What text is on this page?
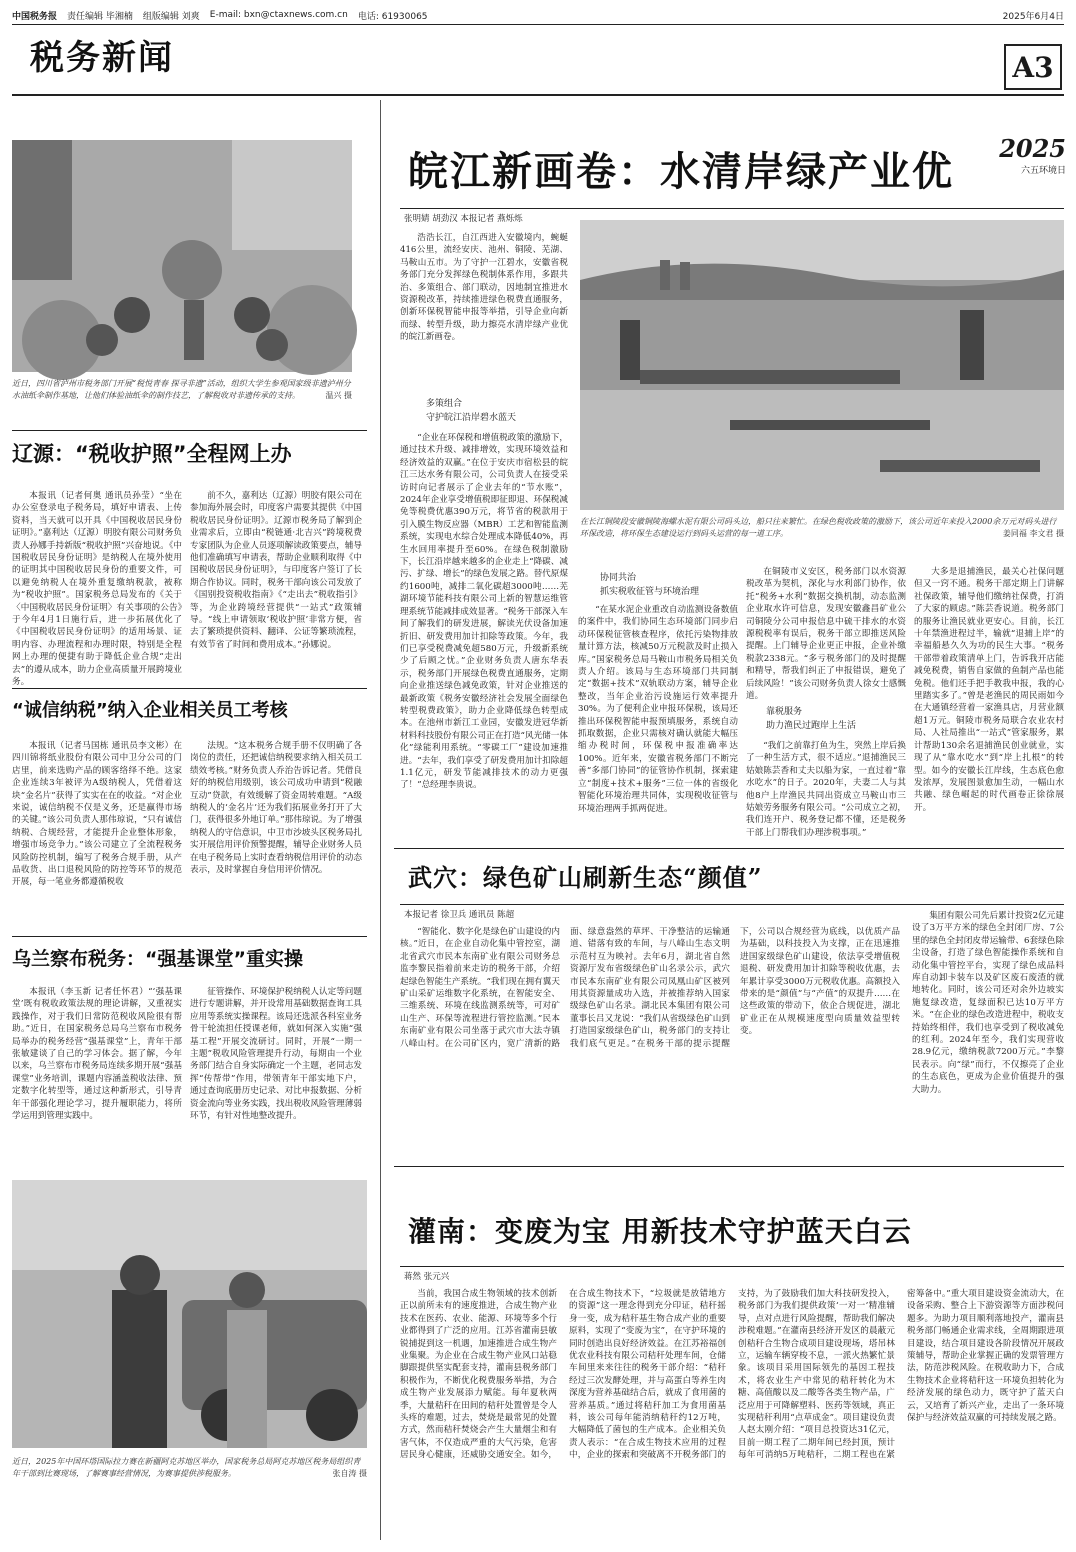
中国税务报 责任编辑 毕湘楠 组版编辑 刘爽 E-mail: bxn@ctaxnews.com.cn 电话: 61930065	2025年6月4日
税务新闻	A3
近日，四川省泸州市税务部门开展“税悦青春 探寻非遗”活动，组织大学生参观国家级非遗泸州分水油纸伞制作基地，让他们体验油纸伞的制作技艺，了解税收对非遗传承的支持。	温兴 摄
辽源：“税收护照”全程网上办
本报讯（记者何奥 通讯员孙莹）“坐在办公室登录电子税务局，填好申请表、上传资料，当天就可以开具《中国税收居民身份证明》。”嘉利达（辽源）明胶有限公司财务负责人孙娜手持新版“税收护照”兴奋地说。《中国税收居民身份证明》是纳税人在境外使用的证明其中国税收居民身份的重要文件，可以避免纳税人在境外重复缴纳税款，被称为“税收护照”。国家税务总局发布的《关于〈中国税收居民身份证明〉有关事项的公告》于今年4月1日施行后，进一步拓展优化了《中国税收居民身份证明》的适用场景、证明内容、办理流程和办理时限，特别是全程网上办理的便捷有助于降低企业合规“走出去”的遵从成本，助力企业高质量开展跨境业务。
前不久，嘉利达（辽源）明胶有限公司在参加海外展会时，印度客户需要其提供《中国税收居民身份证明》。辽源市税务局了解到企业需求后，立即由“税链通·北吉兴”跨境税费专家团队为企业人员逐项解读政策要点，辅导他们准确填写申请表，帮助企业顺利取得《中国税收居民身份证明》，与印度客户签订了长期合作协议。同时，税务干部向该公司发放了《国别投资税收指南》《“走出去”税收指引》等，为企业跨境经营提供“一站式”政策辅导。“线上申请领取‘税收护照’非常方便，省去了繁琐提供资料、翻译、公证等繁琐流程，有效节省了时间和费用成本。”孙娜说。
“诚信纳税”纳入企业相关员工考核
本报讯（记者马国栋 通讯员李文彬）在四川锦将纸业股份有限公司中卫分公司的门店里，前来选购产品的顾客络绎不绝。这家企业连续3年被评为A级纳税人，凭借着这块“金名片”获得了实实在在的收益。“对企业来说，诚信纳税不仅是义务，还是赢得市场的关键。”该公司负责人那伟琼说，“只有诚信纳税、合规经营，才能提升企业整体形象，增强市场竞争力。”该公司建立了全流程税务风险防控机制，编写了税务合规手册，从产品收货、出口退税风险的防控等环节的规范开展，每一笔业务都遵循税收
法规。“这本税务合规手册不仅明确了各岗位的责任，还把诚信纳税要求纳入相关员工绩效考核。”财务负责人乔治告诉记者。凭借良好的纳税信用级别，该公司成功申请到“税融互动”贷款，有效缓解了资金周转难题。“A级纳税人的‘金名片’还为我们拓展业务打开了大门，获得很多外地订单。”那伟琼说。为了增强纳税人的守信意识，中卫市沙坡头区税务局扎实开展信用评价预警提醒，辅导企业财务人员在电子税务局上实时查看纳税信用评价的动态表示，及时掌握自身信用评价情况。
乌兰察布税务：“强基课堂”重实操
本报讯（李玉新 记者任怀君）“‘强基课堂’既有税收政策法规的理论讲解，又重视实践操作，对于我们日常防范税收风险很有帮助。”近日，在国家税务总局乌兰察布市税务局举办的税务经营“强基课堂”上，青年干部张敏建谈了自己的学习体会。据了解，今年以来，乌兰察布市税务局连续多期开展“强基课堂”业务培训，课题内容涵盖税收法律、预定数字化转型等，通过这种新形式，引导青年干部强化理论学习，提升履职能力，将所学运用到管理实践中。
征管操作、环境保护税纳税人认定等问题进行专题讲解，并开设常用基础数据查询工具应用等系统实操课程。该局还选派各科室业务骨干轮流担任授课老师，就如何深入实施“强基工程”开展交流研讨。同时，开展“一期一主题”税收风险管理提升行动，每期由一个业务部门结合自身实际确定一个主题，老同志发挥“传帮带”作用，带领青年干部实地下户，通过查询底册历史记录、对比申报数据、分析资金流向等业务实践，找出税收风险管理薄弱环节，有针对性地整改提升。
近日，2025年中国环塔国际拉力赛在新疆阿克苏地区举办，国家税务总局阿克苏地区税务局组织青年干部到比赛现场，了解赛事经营情况，为赛事提供涉税服务。	张自涛 摄
皖江新画卷：水清岸绿产业优	2025
六五环境日
张明婧 胡劲汉 本报记者 燕烁烁
浩浩长江，自江西进入安徽境内，蜿蜒416公里，流经安庆、池州、铜陵、芜湖、马鞍山五市。为了守护一江碧水，安徽省税务部门充分发挥绿色税制体系作用，多跟共治、多策组合、部门联动，因地制宜推进水资源税改革，持续推进绿色税费直通服务，创新环保税智能申报等举措，引导企业向新而绿、转型升级，助力擦亮水清岸绿产业优的皖江新画卷。
多策组合
守护皖江沿岸碧水蓝天
“企业在环保税和增值税政策的激励下，通过技术升级、减排增效，实现环境效益和经济效益的双赢。”在位于安庆市宿松县的皖江三达水务有限公司，公司负责人在接受采访时向记者展示了企业去年的“节水账”，2024年企业享受增值税即征即退、环保税减免等税费优惠390万元，将节省的税款用于引入膜生物反应器（MBR）工艺和智能监测系统，实现电水综合处理成本降低40%，再生水回用率提升至60%。在绿色税制激励下，长江沿岸越来越多的企业走上“降碳、减污、扩绿、增长”的绿色发展之路。替代原煤约1600吨，减排二氧化碳超3000吨……芜湖环境节能科技有限公司上新的智慧运维管理系统节能减排成效显著。“税务干部深入车间了解我们的研发进展，解读光伏设备加速折旧、研发费用加计扣除等政策。今年，我们已享受税费减免超580万元，升级新系统少了后顾之忧。”企业财务负责人唐东华表示，税务部门开展绿色税费直通服务，定期向企业推送绿色减免政策，针对企业推送的最新政策《税务安徽经济社会发展全面绿色转型税费政策》，助力企业降低绿色转型成本。在池州市新江工业园，安徽发进冠华新材料科技股份有限公司正在打造“风光储一体化”绿能利用系统。“零碳工厂”建设加速推进。“去年，我们享受了研发费用加计扣除超1.1亿元，研发节能减排技术的动力更强了！”总经理李贵说。
在长江铜陵段安徽铜陵海螺水泥有限公司码头边，船只往来繁忙。在绿色税收政策的激励下，该公司近年来投入2000余万元对码头进行环保改造，将环保生态建设运行到码头运营的每一道工序。	姜同福 李文君 摄
协同共治
抓实税收征管与环境治理
“在某水泥企业重改自动监测设备数值的案件中，我们协同生态环境部门同步启动环保税征管核查程序，依托污染物排放量计算方法，核减50万元税款及时止损入库。”国家税务总局马鞍山市税务局相关负责人介绍。该局与生态环境部门共同制定“数据+技术”双轨联动方案，辅导企业整改，当年企业治污设施运行效率提升30%。为了便利企业申报环保税，该局还推出环保税智能申报预填服务，系统自动抓取数据，企业只需核对确认就能大幅压缩办税时间，环保税申报准确率达100%。近年来，安徽省税务部门不断完善“多部门协同”的征管协作机制，探索建立“制度+技术+服务”三位一体的省级化智能化环境治理共同体，实现税收征管与环境治理两手抓两促进。
在铜陵市义安区，税务部门以水资源税改革为契机，深化与水利部门协作，依托“税务+水利”数据交换机制，动态监测企业取水许可信息，发现安徽鑫昌矿业公司铜陵分公司申报信息中硫干排水的水资源税税率有误后，税务干部立即推送风险提醒。上门辅导企业更正申报，企业补缴税款2338元。“多亏税务部门的及时提醒和精导，帮我们纠正了申报错误，避免了后续风险！”该公司财务负责人徐女士感慨道。
靠税服务
助力渔民过跑岸上生活
“我们之前靠打鱼为生，突然上岸后换了一种生活方式，很不适应。”退捕渔民三姑娘陈芸香和丈夫以船为家，一直过着“靠水吃水”的日子。2020年，夫妻二人与其他8户上岸渔民共同出资成立马鞍山市三姑娘劳务服务有限公司。“公司成立之初，我们连开户、税务登记都不懂，还是税务干部上门帮我们办理涉税事项。”
大多是退捕渔民，最关心社保问题但又一窍不通。税务干部定期上门讲解社保政策，辅导他们缴纳社保费，打消了大家的顾虑。”陈芸香说道。税务部门的服务让渔民就业更安心。目前，长江十年禁渔进程过半，输就“退捕上岸”的幸福船悬久久为功的民生大事。“税务干部带着政策清单上门，告诉我开店能减免税费，销售自家做的鱼制产品也能免税。他们还手把手教我申报，我的心里踏实多了。”曾是老渔民的周民雨如今在大通镇经营着一家渔具店，月营业额超1万元。铜陵市税务局联合农业农村局、人社局推出“一站式”管家服务，累计帮助130余名退捕渔民创业就业，实现了从“靠水吃水”到“岸上扎根”的转型。如今的安徽长江岸线，生态底色愈发浓厚，发展图景愈加生动，一幅山水共融、绿色崛起的时代画卷正徐徐展开。
武穴：绿色矿山刷新生态“颜值”
本报记者 徐卫兵 通讯员 陈超
“智能化、数字化是绿色矿山建设的内核。”近日，在企业自动化集中管控室，湖北省武穴市民本东南矿业有限公司财务总监李黎民指着前来走访的税务干部，介绍起绿色智能生产系统。“我们现在拥有翼天矿山采矿运维数字化系统，在智能安全、三维系统、环境在线监测系统等，可对矿山生产、环保等流程进行管控监测。”民本东南矿业有限公司坐落于武穴市大法寺镇八峰山村。在公司矿区内，宽广清新的路面、绿意盎然的草坪、干净整洁的运输通道、错落有致的车间，与八峰山生态文明示范村互为映衬。去年6月，湖北省自然资源厅发布省级绿色矿山名录公示，武穴市民本东南矿业有限公司凤凰山矿区被列用其资源量成功入选，并被推荐纳入国家级绿色矿山名录。湖北民本集团有限公司董事长吕又龙说：“我们从省级绿色矿山到打造国家级绿色矿山，税务部门的支持让我们底气更足。”在税务干部的提示提醒下，公司以合规经营为底线，以优质产品为基础，以科技投入为支撑，正在迅速推进国家级绿色矿山建设，依法享受增值税退税、研发费用加计扣除等税收优惠，去年累计享受3000万元税收优惠。高额投入带来的是“颜值”与“产值”的双提升……在这些政策的带动下，依企合规促进，湖北矿业正在从规模速度型向质量效益型转变。
集团有限公司先后累计投资2亿元建设了3万平方米的绿色全封闭厂房、7公里的绿色全封闭皮带运输带、6套绿色除尘设备，打造了绿色智能操作系统和自动化集中管控平台，实现了绿色成品料库自动卸卡装车以及矿区废石废渣的就地转化。同时，该公司还对余外边坡实施复绿改造，复绿面积已达10万平方米。“在企业的绿色改造进程中，税收支持始终相伴，我们也享受到了税收减免的红利。2024年至今，我们实现营收28.9亿元，缴纳税款7200万元。”李黎民表示。向“绿”而行，不仅擦亮了企业的生态底色，更成为企业价值提升的强大助力。
灌南：变废为宝 用新技术守护蓝天白云
蒋然 张元兴
当前，我国合成生物领域的技术创新正以前所未有的速度推进，合成生物产业技术在医药、农业、能源、环境等多个行业都得到了广泛的应用。江苏省灌南县敏锐捕捉到这一机遇，加速推进合成生物产业集聚。为企业在合成生物产业风口站稳脚跟提供坚实配套支持，灌南县税务部门积极作为，不断优化税费服务举措，为合成生物产业发展添力赋能。每年夏秋两季，大量秸秆在田间的秸秆处置曾是令人头疼的难题，过去，焚烧是最常见的处置方式，然而秸秆焚烧会产生大量烟尘和有害气体，不仅造成严重的大气污染，危害居民身心健康，还威胁交通安全。如今，在合成生物技术下，“垃圾就是放错地方的资源”这一理念得到充分印证，秸秆摇身一变，成为秸秆基生物合成产业的重要原料，实现了“变废为宝”，在守护环境的同时创造出良好经济效益。在江苏裕福创优农业科技有限公司秸秆处理车间，仓储车间里来来往往的税务干部介绍：“秸秆经过三次发酵处理，并与高蛋白等养生肉深度为营养基础结合后，就成了食用菌的营养基质。”通过将秸秆加工为食用菌基料，该公司每年能消纳秸秆约12万吨，大幅降低了菌包的生产成本。企业相关负责人表示：“在合成生物技术应用的过程中，企业的探索和突破离不开税务部门的支持，为了鼓励我们加大科技研发投入，税务部门为我们提供政策‘一对一’精准辅导，点对点进行风险提醒，帮助我们解决涉税难题。”在灌南县经济开发区的晨蔽元创秸秆合生物合成项目建设现场，塔吊林立，运输车辆穿梭不息，一派火热繁忙景象。该项目采用国际领先的基因工程技术，将农业生产中常见的秸秆转化为木糖、高值酸以及二酸等各类生物产品，广泛应用于可降解塑料、医药等领域，真正实现秸秆利用“点草成金”。项目建设负责人赵太刚介绍：“项目总投资达31亿元，目前一期工程了二期年间已经封顶，预计每年可消纳5万吨秸秆，二期工程也在紧密筹备中。”重大项目建设资金流动大，在设备采购、整合上下游资源等方面涉税问题多。为助力项目顺利落地投产，灌南县税务部门畅通企业需求线，全周期跟进项目建设，结合项目建设各阶段情况开展政策辅导，帮助企业掌握正确的发票管理方法，防范涉税风险。在税收助力下，合成生物技术企业将秸秆这一环境负担转化为经济发展的绿色动力，既守护了蓝天白云，又培育了新兴产业，走出了一条环境保护与经济效益双赢的可持续发展之路。
